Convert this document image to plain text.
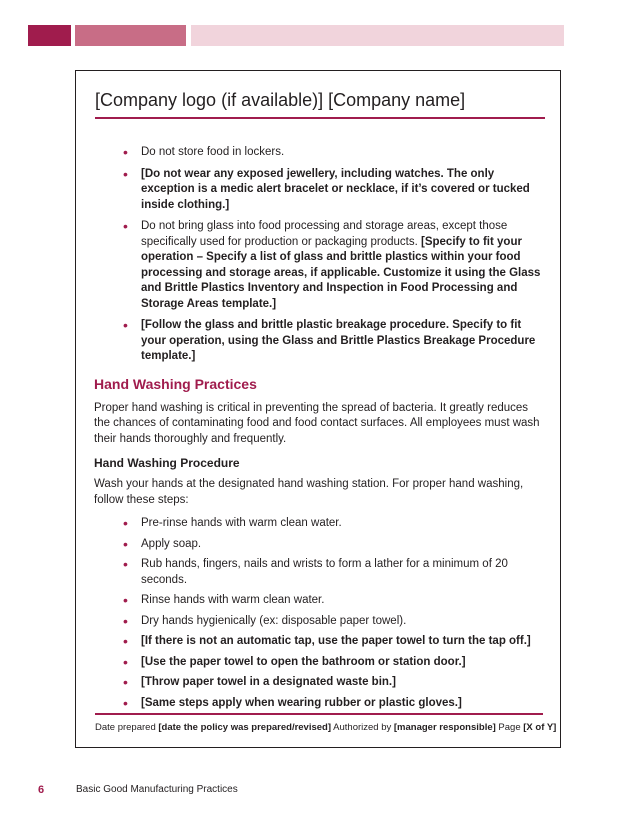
[Company logo (if available)] [Company name]
• Do not store food in lockers.
• [Do not wear any exposed jewellery, including watches. The only exception is a medic alert bracelet or necklace, if it’s covered or tucked inside clothing.]
• Do not bring glass into food processing and storage areas, except those specifically used for production or packaging products. [Specify to fit your operation – Specify a list of glass and brittle plastics within your food processing and storage areas, if applicable. Customize it using the Glass and Brittle Plastics Inventory and Inspection in Food Processing and Storage Areas template.]
• [Follow the glass and brittle plastic breakage procedure. Specify to fit your operation, using the Glass and Brittle Plastics Breakage Procedure template.]
Hand Washing Practices

Proper hand washing is critical in preventing the spread of bacteria. It greatly reduces the chances of contaminating food and food contact surfaces. All employees must wash their hands thoroughly and frequently.

Hand Washing Procedure

Wash your hands at the designated hand washing station. For proper hand washing, follow these steps:

• Pre-rinse hands with warm clean water.
• Apply soap.
• Rub hands, fingers, nails and wrists to form a lather for a minimum of 20 seconds.
• Rinse hands with warm clean water.
• Dry hands hygienically (ex: disposable paper towel).
• [If there is not an automatic tap, use the paper towel to turn the tap off.]
• [Use the paper towel to open the bathroom or station door.]
• [Throw paper towel in a designated waste bin.]
• [Same steps apply when wearing rubber or plastic gloves.]
Date prepared [date the policy was prepared/revised] Authorized by [manager responsible] Page [X of Y]
6	Basic Good Manufacturing Practices
